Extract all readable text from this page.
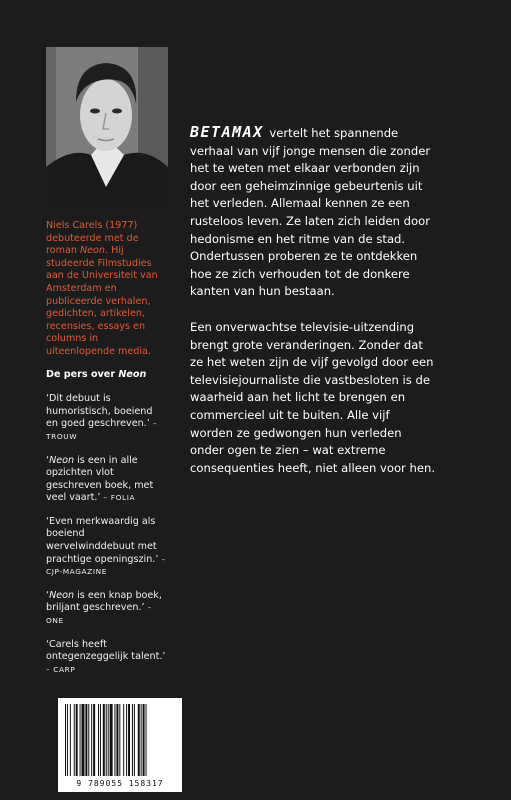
Niels Carels (1977) debuteerde met de roman Neon. Hij studeerde Filmstudies aan de Universiteit van Amsterdam en publiceerde verhalen, gedichten, artikelen, recensies, essays en columns in uiteenlopende media.

De pers over Neon

‘Dit debuut is humoristisch, boeiend en goed geschreven.’ – TROUW

‘Neon is een in alle opzichten vlot geschreven boek, met veel vaart.’ – FOLIA

‘Even merkwaardig als boeiend wervelwinddebuut met prachtige openingszin.’ – CJP-MAGAZINE

‘Neon is een knap boek, briljant geschreven.’ – ONE

‘Carels heeft ontegenzeggelijk talent.’ – CARP

BETAMAX vertelt het spannende verhaal van vijf jonge mensen die zonder het te weten met elkaar verbonden zijn door een geheimzinnige gebeurtenis uit het verleden. Allemaal kennen ze een rusteloos leven. Ze laten zich leiden door hedonisme en het ritme van de stad. Ondertussen proberen ze te ontdekken hoe ze zich verhouden tot de donkere kanten van hun bestaan.

Een onverwachtse televisie-uitzending brengt grote veranderingen. Zonder dat ze het weten zijn de vijf gevolgd door een televisiejournaliste die vastbesloten is de waarheid aan het licht te brengen en commercieel uit te buiten. Alle vijf worden ze gedwongen hun verleden onder ogen te zien – wat extreme consequenties heeft, niet alleen voor hen.

9 789055 158317
